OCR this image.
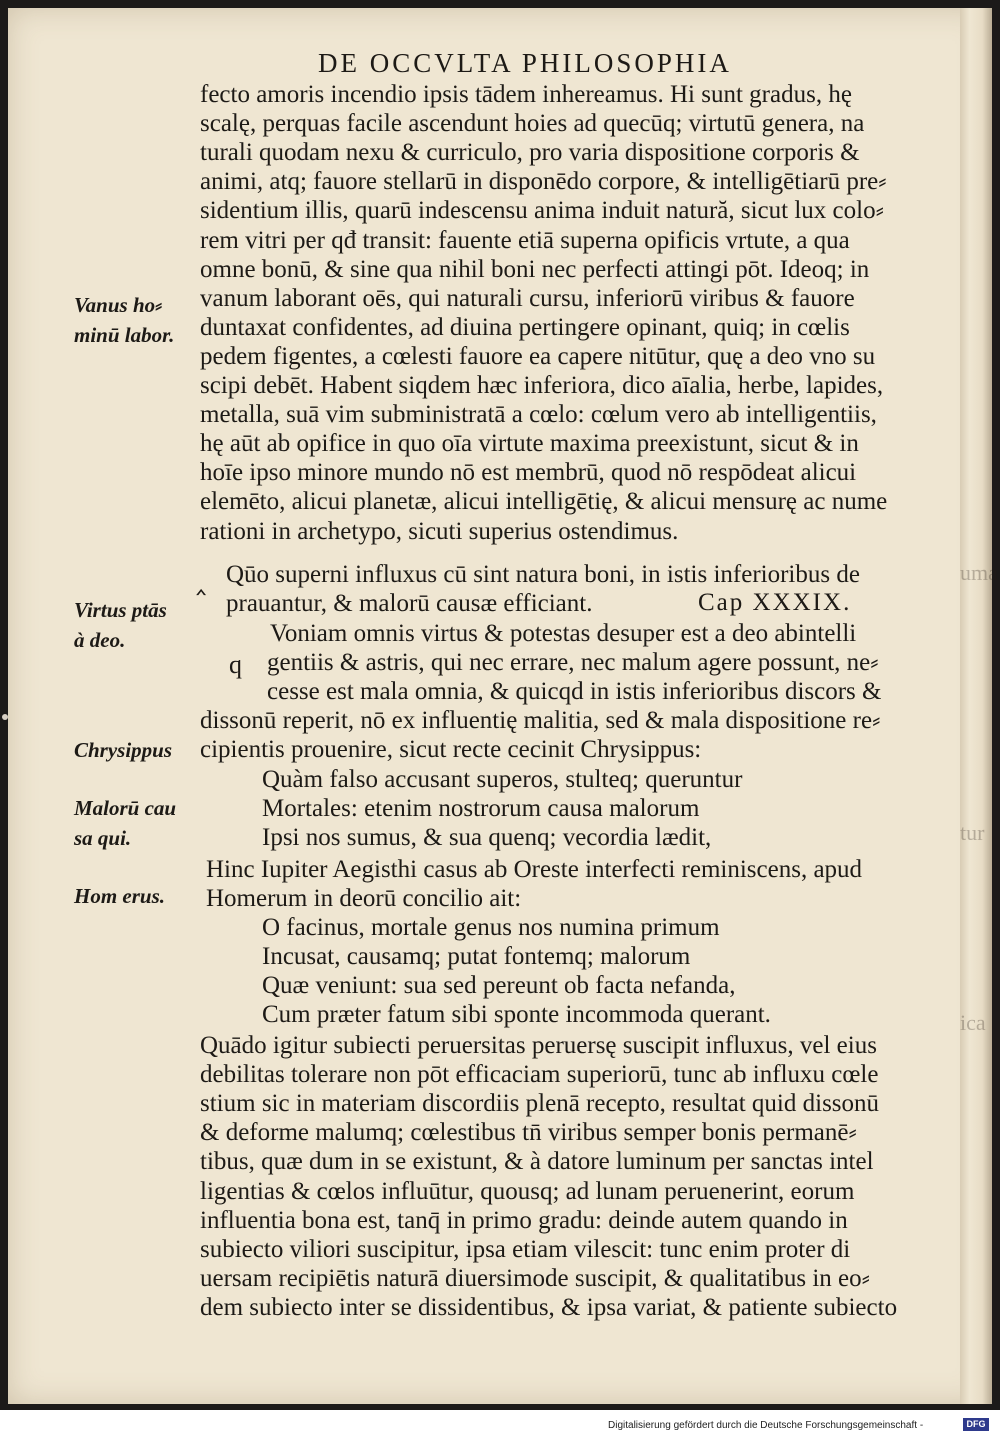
uma
tur
ica
DE OCCVLTA PHILOSOPHIA
fecto amoris incendio ipsis tādem inhereamus. Hi sunt gradus, hę
scalę, perquas facile ascendunt hoies ad quecūq; virtutū genera, na
turali quodam nexu & curriculo, pro varia dispositione corporis &
animi, atq; fauore stellarū in disponēdo corpore, & intelligētiarū pre⸗
sidentium illis, quarū indescensu anima induit natură, sicut lux colo⸗
rem vitri per qđ transit: fauente etiā superna opificis vrtute, a qua
omne bonū, & sine qua nihil boni nec perfecti attingi pōt. Ideoq; in
vanum laborant oēs, qui naturali cursu, inferiorū viribus & fauore
duntaxat confidentes, ad diuina pertingere opinant, quiq; in cœlis
pedem figentes, a cœlesti fauore ea capere nitūtur, quę a deo vno su
scipi debēt. Habent siqdem hæc inferiora, dico aīalia, herbe, lapides,
metalla, suā vim subministratā a cœlo: cœlum vero ab intelligentiis,
hę aūt ab opifice in quo oīa virtute maxima preexistunt, sicut & in
hoīe ipso minore mundo nō est membrū, quod nō respōdeat alicui
elemēto, alicui planetæ, alicui intelligētię, & alicui mensurę ac nume
rationi in archetypo, sicuti superius ostendimus.
Qūo superni influxus cū sint natura boni, in istis inferioribus de
prauantur, & malorū causæ efficiant.
Voniam omnis virtus & potestas desuper est a deo abintelli
gentiis & astris, qui nec errare, nec malum agere possunt, ne⸗
cesse est mala omnia, & quicqd in istis inferioribus discors &
dissonū reperit, nō ex influentię malitia, sed & mala dispositione re⸗
cipientis prouenire, sicut recte cecinit Chrysippus:
Quàm falso accusant superos, stulteq; queruntur
Mortales: etenim nostrorum causa malorum
Ipsi nos sumus, & sua quenq; vecordia lædit,
Hinc Iupiter Aegisthi casus ab Oreste interfecti reminiscens, apud
Homerum in deorū concilio ait:
O facinus, mortale genus nos numina primum
Incusat, causamq; putat fontemq; malorum
Quæ veniunt: sua sed pereunt ob facta nefanda,
Cum præter fatum sibi sponte incommoda querant.
Quādo igitur subiecti peruersitas peruersę suscipit influxus, vel eius
debilitas tolerare non pōt efficaciam superiorū, tunc ab influxu cœle
stium sic in materiam discordiis plenā recepto, resultat quid dissonū
& deforme malumq; cœlestibus tn̄ viribus semper bonis permanē⸗
tibus, quæ dum in se existunt, & à datore luminum per sanctas intel
ligentias & cœlos influūtur, quousq; ad lunam peruenerint, eorum
influentia bona est, tanq̄ in primo gradu: deinde autem quando in
subiecto viliori suscipitur, ipsa etiam vilescit: tunc enim proter di
uersam recipiētis naturā diuersimode suscipit, & qualitatibus in eo⸗
dem subiecto inter se dissidentibus, & ipsa variat, & patiente subiecto
Vanus ho⸗
minū labor.
Virtus ptās
à deo.
Chrysippus
Malorū cau
sa qui.
Hom erus.
‸
q
Cap XXXIX.
Digitalisierung gefördert durch die Deutsche Forschungsgemeinschaft -	DFG
